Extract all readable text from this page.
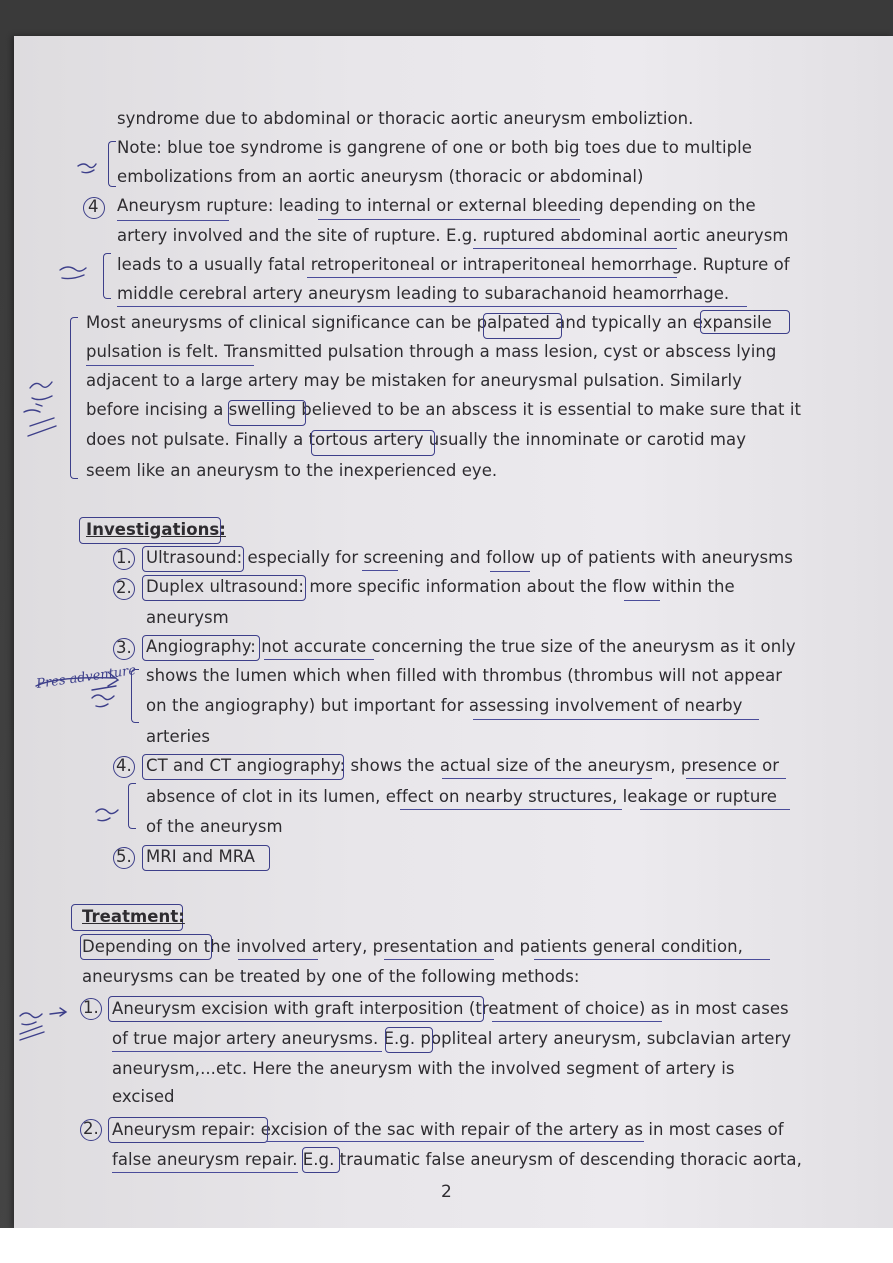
syndrome due to abdominal or thoracic aortic aneurysm emboliztion.
Note: blue toe syndrome is gangrene of one or both big toes due to multiple
embolizations from an aortic aneurysm (thoracic or abdominal)
4 Aneurysm rupture: leading to internal or external bleeding depending on the
artery involved and the site of rupture. E.g. ruptured abdominal aortic aneurysm
leads to a usually fatal retroperitoneal or intraperitoneal hemorrhage. Rupture of
middle cerebral artery aneurysm leading to subarachanoid heamorrhage.
Most aneurysms of clinical significance can be palpated and typically an expansile
pulsation is felt. Transmitted pulsation through a mass lesion, cyst or abscess lying
adjacent to a large artery may be mistaken for aneurysmal pulsation. Similarly
before incising a swelling believed to be an abscess it is essential to make sure that it
does not pulsate. Finally a tortous artery usually the innominate or carotid may
seem like an aneurysm to the inexperienced eye.
Investigations:
1. Ultrasound: especially for screening and follow up of patients with aneurysms
2. Duplex ultrasound: more specific information about the flow within the
aneurysm
3. Angiography: not accurate concerning the true size of the aneurysm as it only
shows the lumen which when filled with thrombus (thrombus will not appear
on the angiography) but important for assessing involvement of nearby
arteries
4. CT and CT angiography: shows the actual size of the aneurysm, presence or
absence of clot in its lumen, effect on nearby structures, leakage or rupture
of the aneurysm
5. MRI and MRA
Treatment:
Depending on the involved artery, presentation and patients general condition,
aneurysms can be treated by one of the following methods:
1. Aneurysm excision with graft interposition (treatment of choice) as in most cases
of true major artery aneurysms. E.g. popliteal artery aneurysm, subclavian artery
aneurysm,...etc. Here the aneurysm with the involved segment of artery is
excised
2. Aneurysm repair: excision of the sac with repair of the artery as in most cases of
false aneurysm repair. E.g. traumatic false aneurysm of descending thoracic aorta,
Pres adventure
2
